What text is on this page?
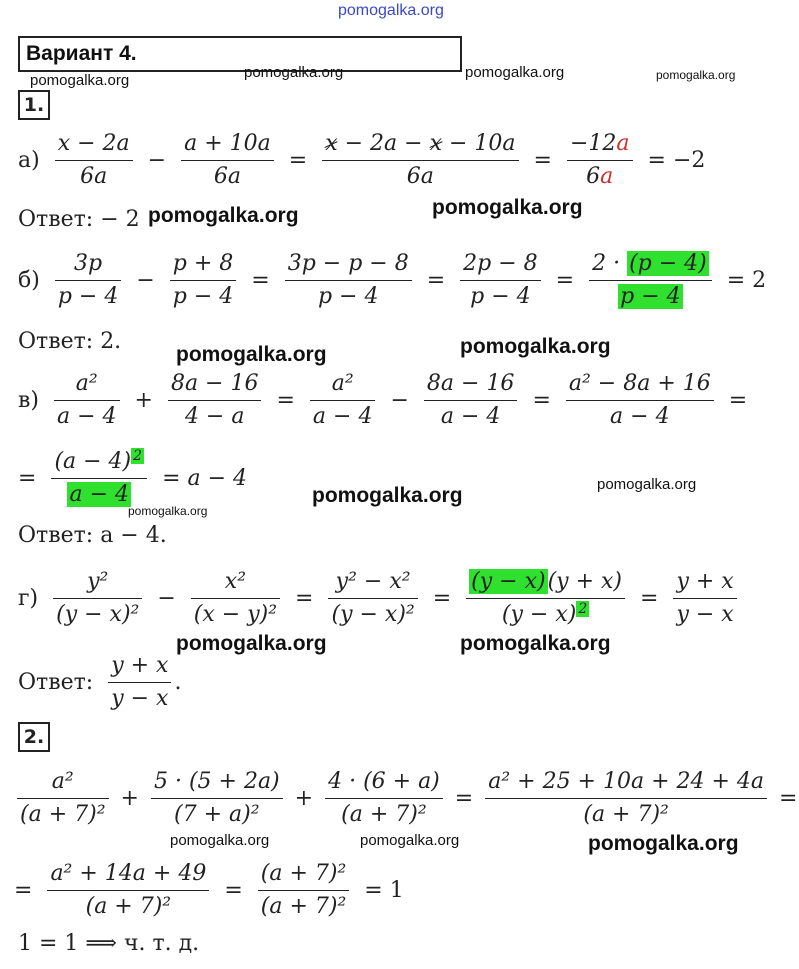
pomogalka.org
Вариант 4.
pomogalka.org	pomogalka.org	pomogalka.org	pomogalka.org
1.
$а) \frac{x - 2a}{6a} - \frac{a + 10a}{6a} = \frac{x - 2a - x - 10a}{6a} = \frac{-12a}{6a} = -2$
Ответ: − 2 pomogalka.org	pomogalka.org
$б) \frac{3p}{p - 4} - \frac{p + 8}{p - 4} = \frac{3p - p - 8}{p - 4} = \frac{2p - 8}{p - 4} = \frac{2 \cdot (p - 4)}{p - 4} = 2$
Ответ: 2.
pomogalka.org	pomogalka.org
$в) \frac{\text{a²}}{a - 4} + \frac{8a - 16}{4 - a} = \frac{\text{a²}}{a - 4} - \frac{8a - 16}{a - 4} = \frac{\text{a² − 8a + 16}}{a - 4}$ =
= $\frac{(a - 4) ^2}{a - 4} = a - 4$
pomogalka.org
pomogalka.org	pomogalka.org
Ответ: a − 4.
$г) \frac{\text{y²}}{\text{(y − x)²}} - \frac{\text{x²}}{\text{(x − y)²}} = \frac{\text{y² − x²}}{\text{(y − x)²}} = \frac{(y - x)(y + x)}{(y - x) ^2} = \frac{y + x}{y - x}$
pomogalka.org	pomogalka.org
Ответ: $\frac{y + x}{y - x}$ .
2.
$\frac{\text{a²}}{\text{(a + 7)²}} + \frac{5 \cdot (5 + 2a)}{\text{(7 + a)²}} + \frac{4 \cdot (6 + a)}{\text{(a + 7)²}} = \frac{\text{a² + 25 + 10a + 24 + 4a}}{\text{(a + 7)²}}$ =
pomogalka.org	pomogalka.org	pomogalka.org
= $\frac{\text{a² + 14a + 49}}{\text{(a + 7)²}} = \frac{\text{(a + 7)²}}{\text{(a + 7)²}} = 1$
1 = 1 ⟹ ч. т. д.
